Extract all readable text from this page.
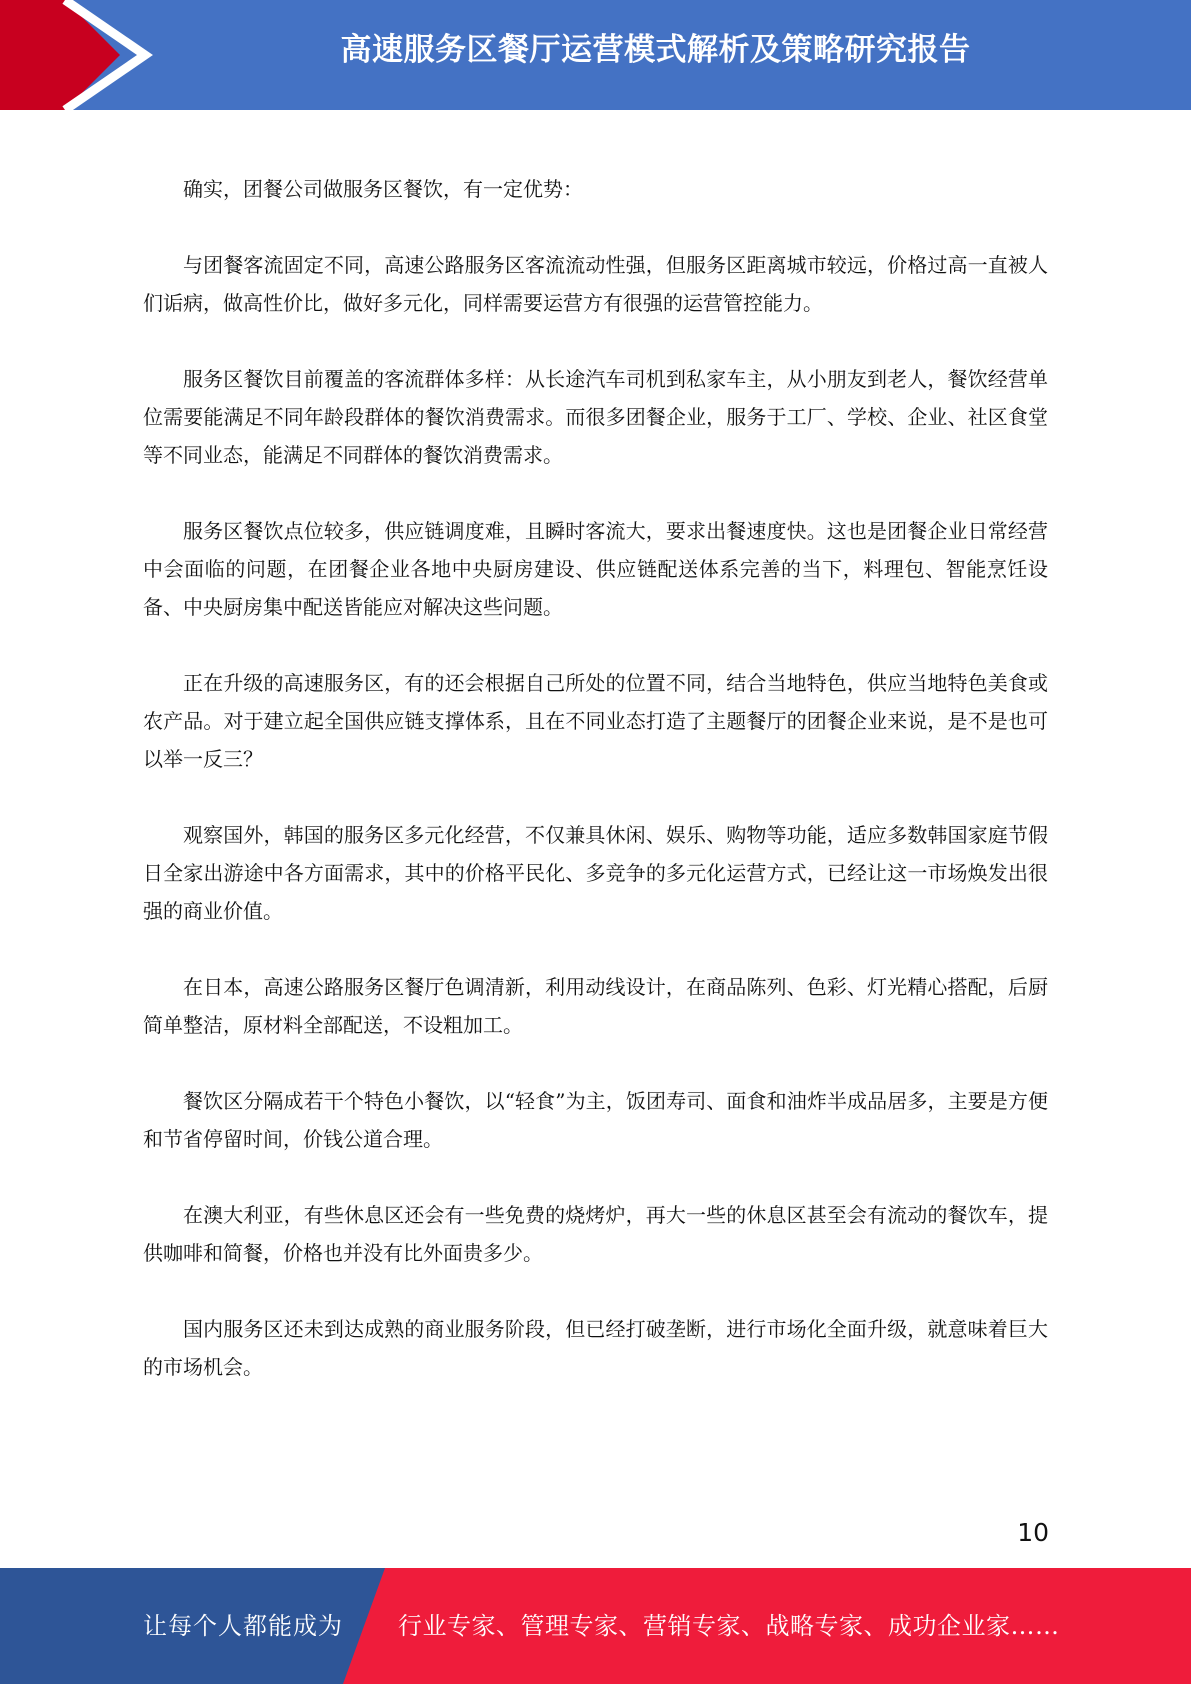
高速服务区餐厅运营模式解析及策略研究报告

确实，团餐公司做服务区餐饮，有一定优势：

与团餐客流固定不同，高速公路服务区客流流动性强，但服务区距离城市较远，价格过高一直被人们诟病，做高性价比，做好多元化，同样需要运营方有很强的运营管控能力。

服务区餐饮目前覆盖的客流群体多样：从长途汽车司机到私家车主，从小朋友到老人，餐饮经营单位需要能满足不同年龄段群体的餐饮消费需求。而很多团餐企业，服务于工厂、学校、企业、社区食堂等不同业态，能满足不同群体的餐饮消费需求。

服务区餐饮点位较多，供应链调度难，且瞬时客流大，要求出餐速度快。这也是团餐企业日常经营中会面临的问题，在团餐企业各地中央厨房建设、供应链配送体系完善的当下，料理包、智能烹饪设备、中央厨房集中配送皆能应对解决这些问题。

正在升级的高速服务区，有的还会根据自己所处的位置不同，结合当地特色，供应当地特色美食或农产品。对于建立起全国供应链支撑体系，且在不同业态打造了主题餐厅的团餐企业来说，是不是也可以举一反三？

观察国外，韩国的服务区多元化经营，不仅兼具休闲、娱乐、购物等功能，适应多数韩国家庭节假日全家出游途中各方面需求，其中的价格平民化、多竞争的多元化运营方式，已经让这一市场焕发出很强的商业价值。

在日本，高速公路服务区餐厅色调清新，利用动线设计，在商品陈列、色彩、灯光精心搭配，后厨简单整洁，原材料全部配送，不设粗加工。

餐饮区分隔成若干个特色小餐饮，以“轻食”为主，饭团寿司、面食和油炸半成品居多，主要是方便和节省停留时间，价钱公道合理。

在澳大利亚，有些休息区还会有一些免费的烧烤炉，再大一些的休息区甚至会有流动的餐饮车，提供咖啡和简餐，价格也并没有比外面贵多少。

国内服务区还未到达成熟的商业服务阶段，但已经打破垄断，进行市场化全面升级，就意味着巨大的市场机会。

10
让每个人都能成为 行业专家、管理专家、营销专家、战略专家、成功企业家……
